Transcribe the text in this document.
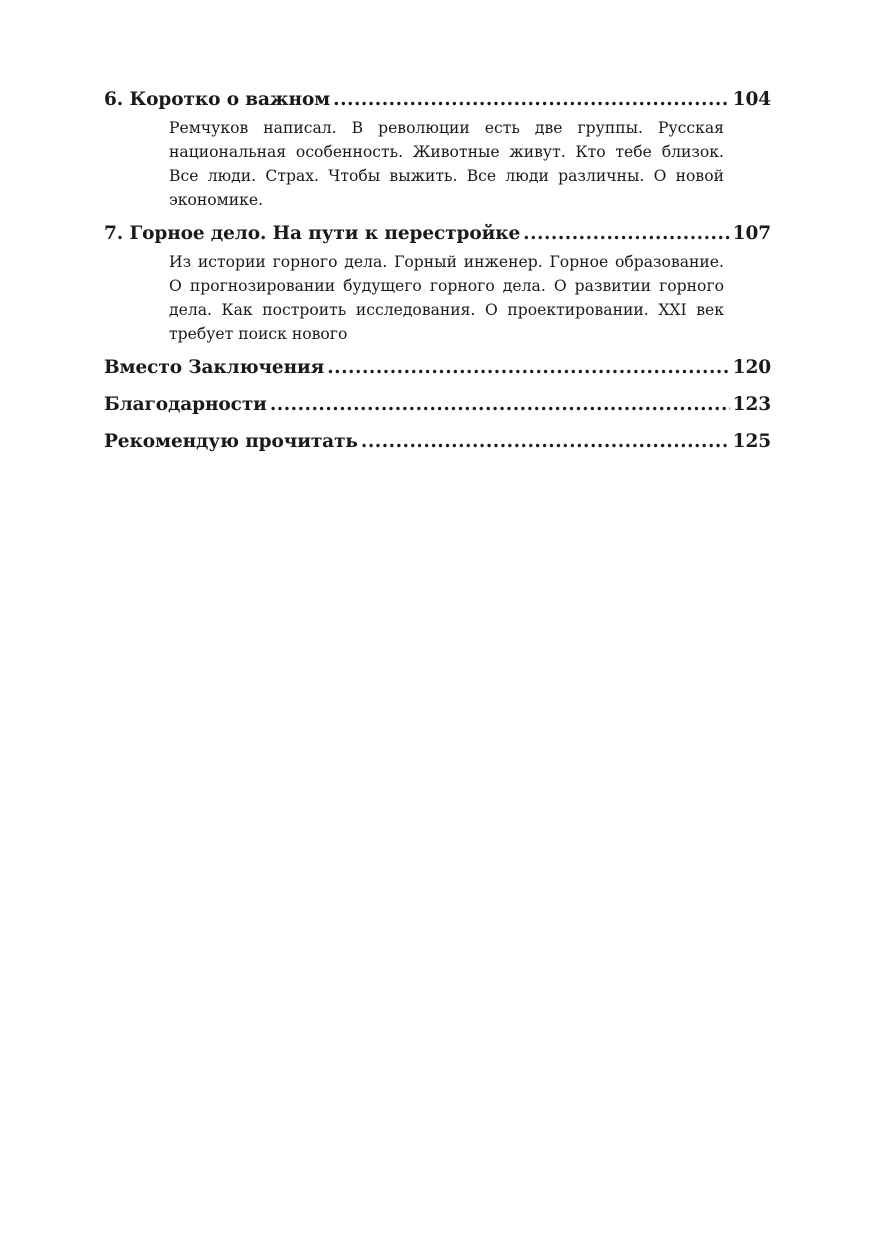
6. Коротко о важном .....	104
Ремчуков написал. В революции есть две группы. Русская национальная особенность. Животные живут. Кто тебе близок. Все люди. Страх. Чтобы выжить. Все люди различны. О новой экономике.
7. Горное дело. На пути к перестройке .....	107
Из истории горного дела. Горный инженер. Горное образование. О прогнозировании будущего горного дела. О развитии горного дела. Как построить исследования. О проектировании. XXI век требует поиск нового
Вместо Заключения .....	120
Благодарности .....	123
Рекомендую прочитать .....	125
